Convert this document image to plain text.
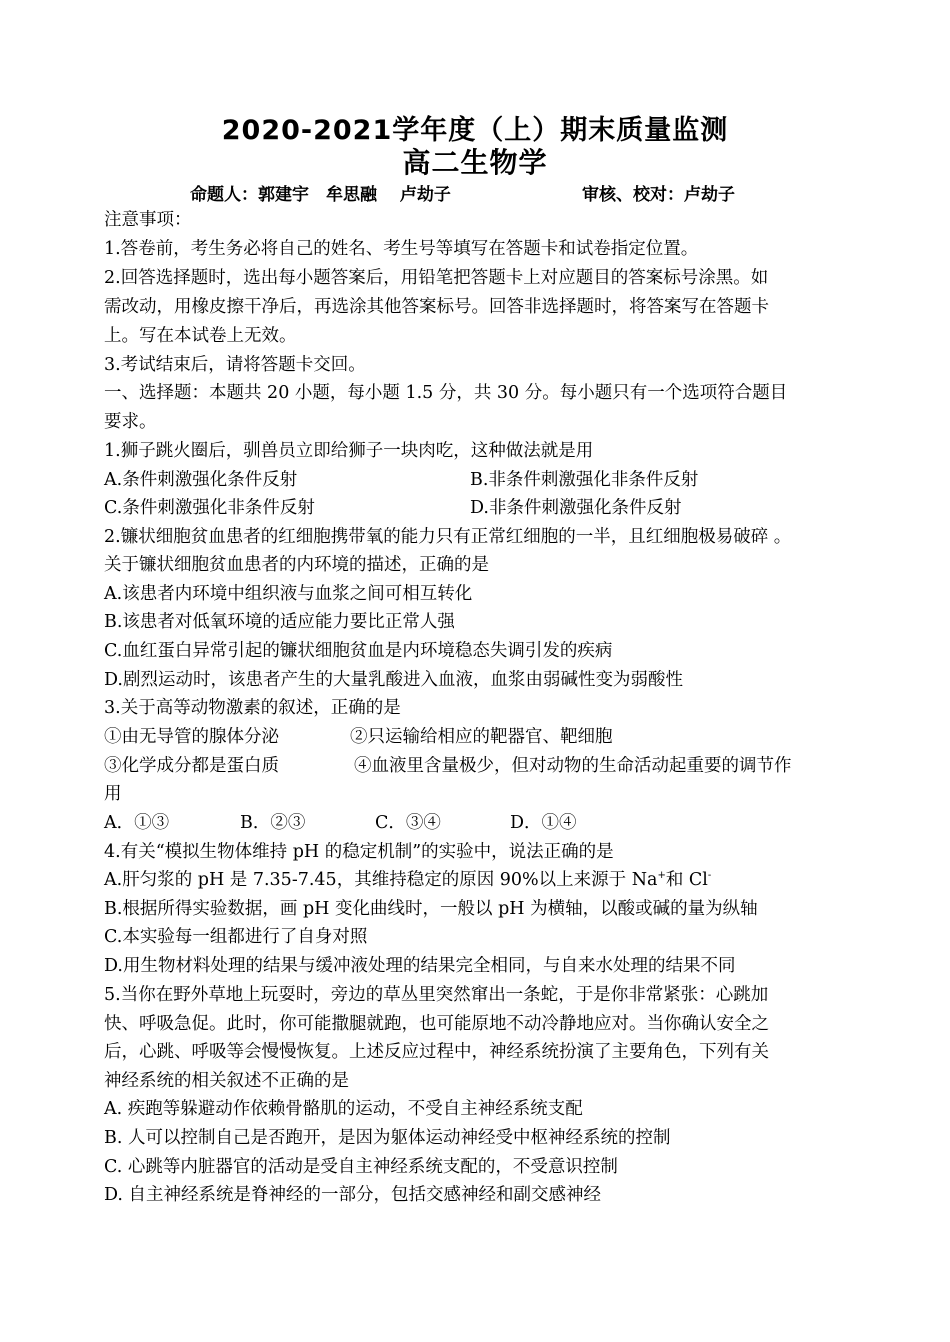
2020-2021学年度（上）期末质量监测
高二生物学
命题人：郭建宇　牟思融　 卢劫子	审核、校对：卢劫子
注意事项：
1.答卷前，考生务必将自己的姓名、考生号等填写在答题卡和试卷指定位置。
2.回答选择题时，选出每小题答案后，用铅笔把答题卡上对应题目的答案标号涂黑。如
需改动，用橡皮擦干净后，再选涂其他答案标号。回答非选择题时，将答案写在答题卡
上。写在本试卷上无效。
3.考试结束后，请将答题卡交回。
一、选择题：本题共 20 小题，每小题 1.5 分，共 30 分。每小题只有一个选项符合题目
要求。
1.狮子跳火圈后，驯兽员立即给狮子一块肉吃，这种做法就是用
A.条件刺激强化条件反射	B.非条件刺激强化非条件反射
C.条件刺激强化非条件反射	D.非条件刺激强化条件反射
2.镰状细胞贫血患者的红细胞携带氧的能力只有正常红细胞的一半，且红细胞极易破碎 。
关于镰状细胞贫血患者的内环境的描述，正确的是
A.该患者内环境中组织液与血浆之间可相互转化
B.该患者对低氧环境的适应能力要比正常人强
C.血红蛋白异常引起的镰状细胞贫血是内环境稳态失调引发的疾病
D.剧烈运动时，该患者产生的大量乳酸进入血液，血浆由弱碱性变为弱酸性
3.关于高等动物激素的叙述，正确的是
①由无导管的腺体分泌	②只运输给相应的靶器官、靶细胞
③化学成分都是蛋白质	④血液里含量极少，但对动物的生命活动起重要的调节作
用
A．①③	B．②③	C．③④	D．①④
4.有关“模拟生物体维持 pH 的稳定机制”的实验中，说法正确的是
A.肝匀浆的 pH 是 7.35-7.45，其维持稳定的原因 90%以上来源于 Na+和 Cl-
B.根据所得实验数据，画 pH 变化曲线时，一般以 pH 为横轴，以酸或碱的量为纵轴
C.本实验每一组都进行了自身对照
D.用生物材料处理的结果与缓冲液处理的结果完全相同，与自来水处理的结果不同
5.当你在野外草地上玩耍时，旁边的草丛里突然窜出一条蛇，于是你非常紧张：心跳加
快、呼吸急促。此时，你可能撒腿就跑，也可能原地不动冷静地应对。当你确认安全之
后，心跳、呼吸等会慢慢恢复。上述反应过程中，神经系统扮演了主要角色，下列有关
神经系统的相关叙述不正确的是
A. 疾跑等躲避动作依赖骨骼肌的运动，不受自主神经系统支配
B. 人可以控制自己是否跑开，是因为躯体运动神经受中枢神经系统的控制
C. 心跳等内脏器官的活动是受自主神经系统支配的，不受意识控制
D. 自主神经系统是脊神经的一部分，包括交感神经和副交感神经
